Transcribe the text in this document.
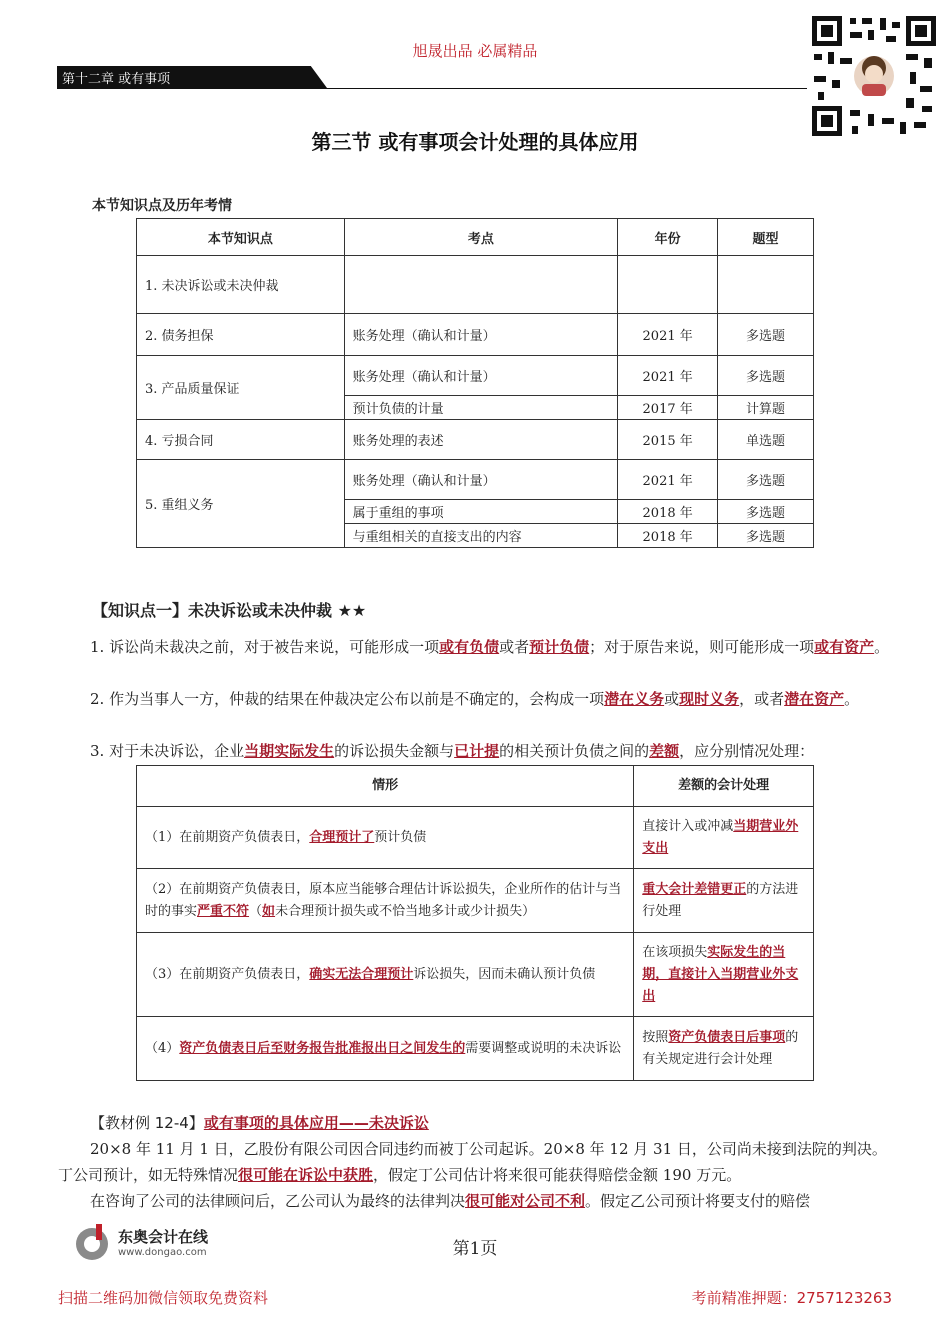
旭晟出品 必属精品
第十二章 或有事项
第三节 或有事项会计处理的具体应用
本节知识点及历年考情
本节知识点	考点	年份	题型
1. 未决诉讼或未决仲裁			
2. 债务担保	账务处理（确认和计量）	2021 年	多选题
3. 产品质量保证	账务处理（确认和计量）	2021 年	多选题
	预计负债的计量	2017 年	计算题
4. 亏损合同	账务处理的表述	2015 年	单选题
5. 重组义务	账务处理（确认和计量）	2021 年	多选题
	属于重组的事项	2018 年	多选题
	与重组相关的直接支出的内容	2018 年	多选题
【知识点一】未决诉讼或未决仲裁 ★★
1. 诉讼尚未裁决之前，对于被告来说，可能形成一项或有负债或者预计负债；对于原告来说，则可能形成一项或有资产。
2. 作为当事人一方，仲裁的结果在仲裁决定公布以前是不确定的，会构成一项潜在义务或现时义务，或者潜在资产。
3. 对于未决诉讼，企业当期实际发生的诉讼损失金额与已计提的相关预计负债之间的差额，应分别情况处理：
情形	差额的会计处理
（1）在前期资产负债表日，合理预计了预计负债	直接计入或冲减当期营业外支出
（2）在前期资产负债表日，原本应当能够合理估计诉讼损失，企业所作的估计与当时的事实严重不符（如未合理预计损失或不恰当地多计或少计损失）	重大会计差错更正的方法进行处理
（3）在前期资产负债表日，确实无法合理预计诉讼损失，因而未确认预计负债	在该项损失实际发生的当期，直接计入当期营业外支出
（4）资产负债表日后至财务报告批准报出日之间发生的需要调整或说明的未决诉讼	按照资产负债表日后事项的有关规定进行会计处理
【教材例 12-4】或有事项的具体应用——未决诉讼
20×8 年 11 月 1 日，乙股份有限公司因合同违约而被丁公司起诉。20×8 年 12 月 31 日，公司尚未接到法院的判决。丁公司预计，如无特殊情况很可能在诉讼中获胜，假定丁公司估计将来很可能获得赔偿金额 190 万元。
在咨询了公司的法律顾问后，乙公司认为最终的法律判决很可能对公司不利。假定乙公司预计将要支付的赔偿
东奥会计在线
www.dongao.com	第1页
扫描二维码加微信领取免费资料	考前精准押题：2757123263
